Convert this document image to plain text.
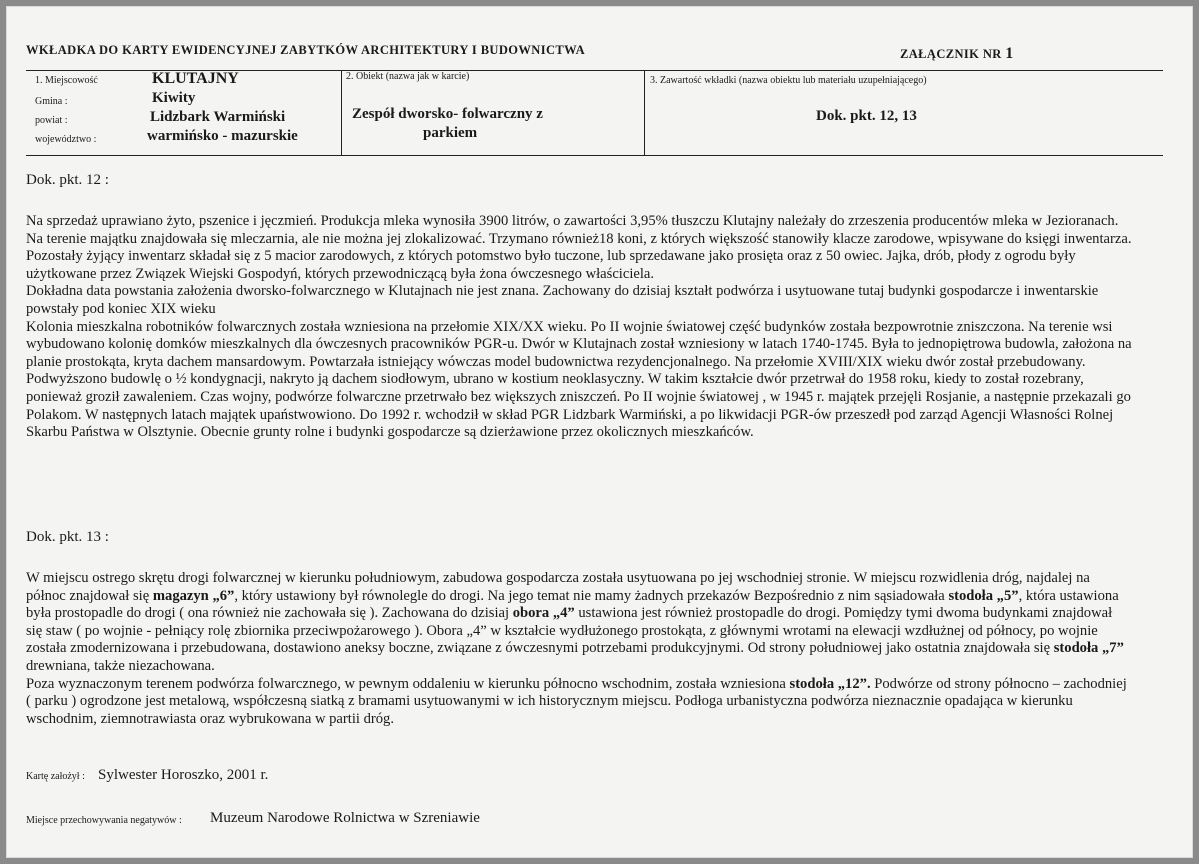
WKŁADKA DO KARTY EWIDENCYJNEJ ZABYTKÓW ARCHITEKTURY I BUDOWNICTWA	ZAŁĄCZNIK NR 1
1. Miejscowość	KLUTAJNY
Gmina :	Kiwity
powiat :	Lidzbark Warmiński
województwo :	warmińsko - mazurskie
2. Obiekt (nazwa jak w karcie)
Zespół dworsko- folwarczny z
parkiem
3. Zawartość wkładki (nazwa obiektu lub materiału uzupełniającego)
Dok. pkt. 12, 13
Dok. pkt. 12 :

Na sprzedaż uprawiano żyto, pszenice i jęczmień. Produkcja mleka wynosiła 3900 litrów, o zawartości 3,95% tłuszczu Klutajny należały do zrzeszenia producentów mleka w Jezioranach. Na terenie majątku znajdowała się mleczarnia, ale nie można jej zlokalizować. Trzymano również18 koni, z których większość stanowiły klacze zarodowe, wpisywane do księgi inwentarza. Pozostały żyjący inwentarz składał się z 5 macior zarodowych, z których potomstwo było tuczone, lub sprzedawane jako prosięta oraz z 50 owiec. Jajka, drób, płody z ogrodu były użytkowane przez Związek Wiejski Gospodyń, których przewodniczącą była żona ówczesnego właściciela.

Dokładna data powstania założenia dworsko-folwarcznego w Klutajnach nie jest znana. Zachowany do dzisiaj kształt podwórza i usytuowane tutaj budynki gospodarcze i inwentarskie powstały pod koniec XIX wieku

Kolonia mieszkalna robotników folwarcznych została wzniesiona na przełomie XIX/XX wieku. Po II wojnie światowej część budynków została bezpowrotnie zniszczona. Na terenie wsi wybudowano kolonię domków mieszkalnych dla ówczesnych pracowników PGR-u. Dwór w Klutajnach został wzniesiony w latach 1740-1745. Była to jednopiętrowa budowla, założona na planie prostokąta, kryta dachem mansardowym. Powtarzała istniejący wówczas model budownictwa rezydencjonalnego. Na przełomie XVIII/XIX wieku dwór został przebudowany. Podwyższono budowlę o ½ kondygnacji, nakryto ją dachem siodłowym, ubrano w kostium neoklasyczny. W takim kształcie dwór przetrwał do 1958 roku, kiedy to został rozebrany, ponieważ groził zawaleniem. Czas wojny, podwórze folwarczne przetrwało bez większych zniszczeń. Po II wojnie światowej , w 1945 r. majątek przejęli Rosjanie, a następnie przekazali go Polakom. W następnych latach majątek upaństwowiono. Do 1992 r. wchodził w skład PGR Lidzbark Warmiński, a po likwidacji PGR-ów przeszedł pod zarząd Agencji Własności Rolnej Skarbu Państwa w Olsztynie. Obecnie grunty rolne i budynki gospodarcze są dzierżawione przez okolicznych mieszkańców.

Dok. pkt. 13 :

W miejscu ostrego skrętu drogi folwarcznej w kierunku południowym, zabudowa gospodarcza została usytuowana po jej wschodniej stronie. W miejscu rozwidlenia dróg, najdalej na północ znajdował się magazyn „6”, który ustawiony był równolegle do drogi. Na jego temat nie mamy żadnych przekazów Bezpośrednio z nim sąsiadowała stodoła „5”, która ustawiona była prostopadle do drogi ( ona również nie zachowała się ). Zachowana do dzisiaj obora „4” ustawiona jest również prostopadle do drogi. Pomiędzy tymi dwoma budynkami znajdował się staw ( po wojnie - pełniący rolę zbiornika przeciwpożarowego ). Obora „4” w kształcie wydłużonego prostokąta, z głównymi wrotami na elewacji wzdłużnej od północy, po wojnie została zmodernizowana i przebudowana, dostawiono aneksy boczne, związane z ówczesnymi potrzebami produkcyjnymi. Od strony południowej jako ostatnia znajdowała się stodoła „7” drewniana, także niezachowana.

Poza wyznaczonym terenem podwórza folwarcznego, w pewnym oddaleniu w kierunku północno wschodnim, została wzniesiona stodoła „12”. Podwórze od strony północno – zachodniej ( parku ) ogrodzone jest metalową, współczesną siatką z bramami usytuowanymi w ich historycznym miejscu. Podłoga urbanistyczna podwórza nieznacznie opadająca w kierunku wschodnim, ziemnotrawiasta oraz wybrukowana w partii dróg.

Kartę założył : Sylwester Horoszko, 2001 r.
Miejsce przechowywania negatywów : Muzeum Narodowe Rolnictwa w Szreniawie
